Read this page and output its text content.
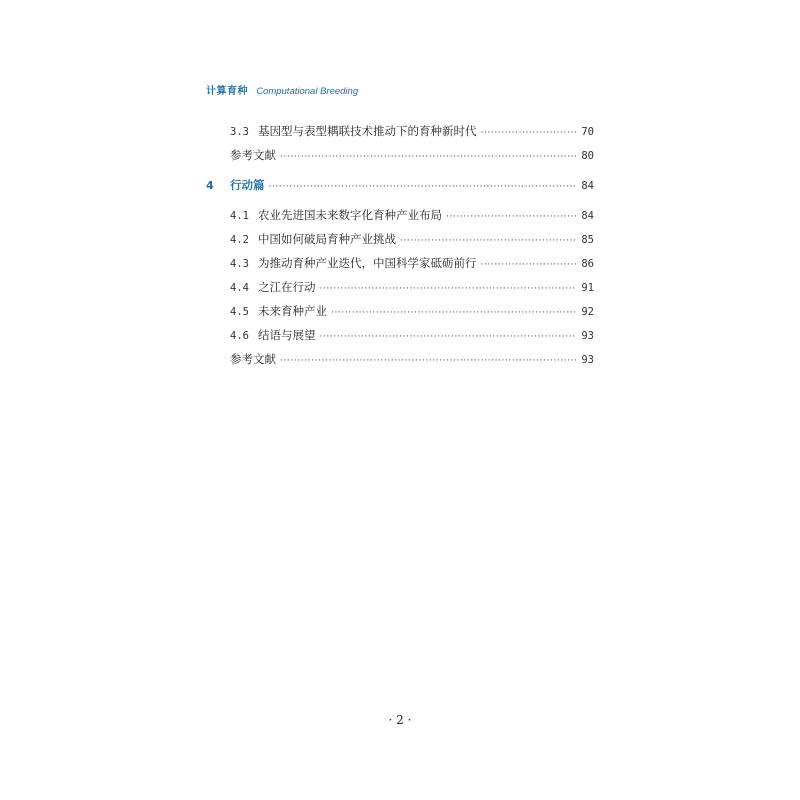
计算育种 Computational Breeding
3.3 基因型与表型耦联技术推动下的育种新时代 ·····	70
参考文献 ·····	80
4	行动篇 ·····	84
4.1 农业先进国未来数字化育种产业布局 ·····	84
4.2 中国如何破局育种产业挑战 ·····	85
4.3 为推动育种产业迭代，中国科学家砥砺前行 ·····	86
4.4 之江在行动 ·····	91
4.5 未来育种产业 ·····	92
4.6 结语与展望 ·····	93
参考文献 ·····	93
· 2 ·
